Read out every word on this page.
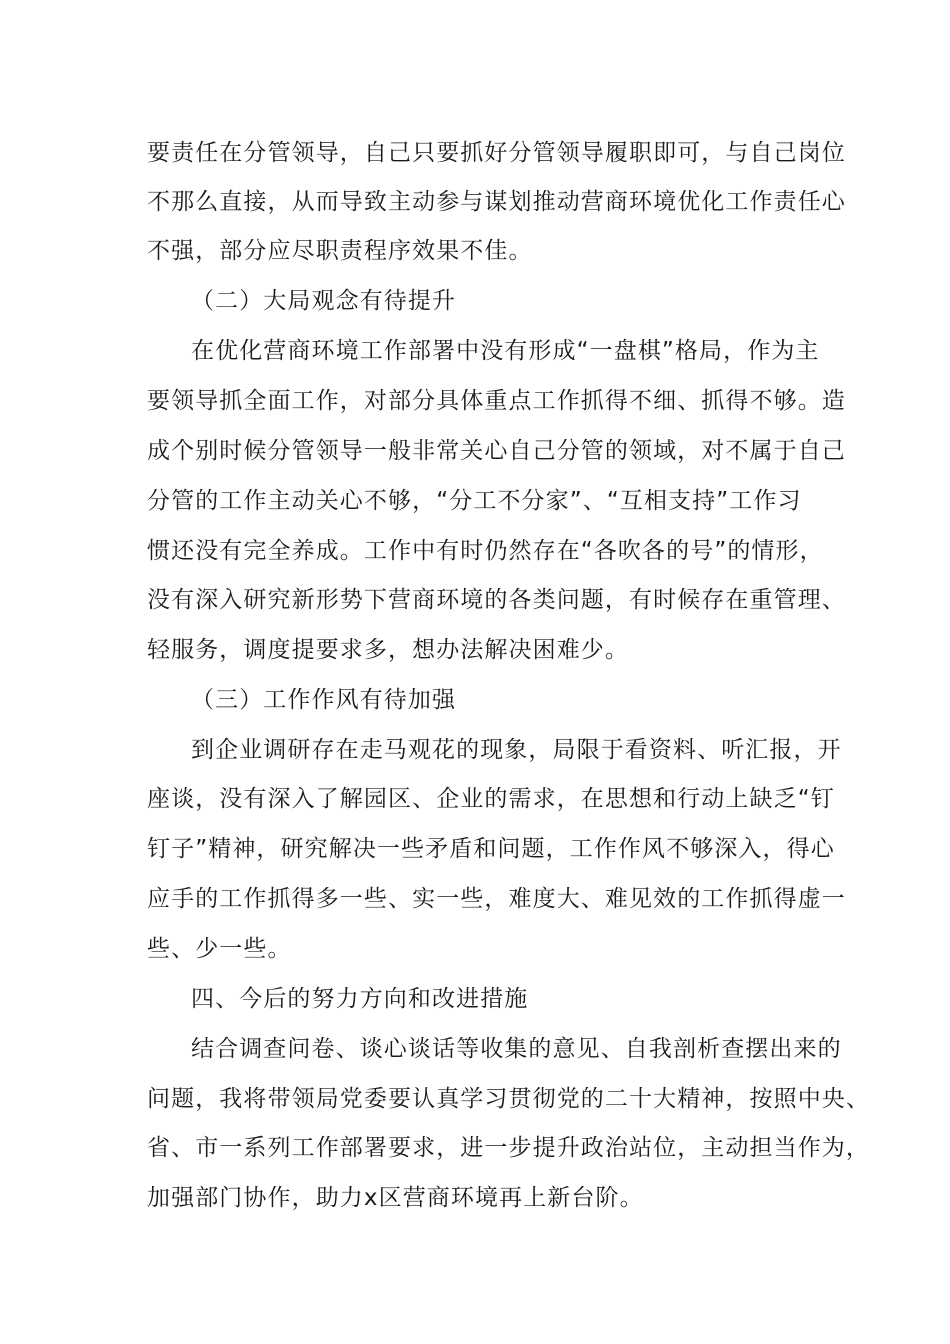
要责任在分管领导，自己只要抓好分管领导履职即可，与自己岗位
不那么直接，从而导致主动参与谋划推动营商环境优化工作责任心
不强，部分应尽职责程序效果不佳。
（二）大局观念有待提升
在优化营商环境工作部署中没有形成“一盘棋”格局，作为主
要领导抓全面工作，对部分具体重点工作抓得不细、抓得不够。造
成个别时候分管领导一般非常关心自己分管的领域，对不属于自己
分管的工作主动关心不够，“分工不分家”、“互相支持”工作习
惯还没有完全养成。工作中有时仍然存在“各吹各的号”的情形，
没有深入研究新形势下营商环境的各类问题，有时候存在重管理、
轻服务，调度提要求多，想办法解决困难少。
（三）工作作风有待加强
到企业调研存在走马观花的现象，局限于看资料、听汇报，开
座谈，没有深入了解园区、企业的需求，在思想和行动上缺乏“钉
钉子”精神，研究解决一些矛盾和问题，工作作风不够深入，得心
应手的工作抓得多一些、实一些，难度大、难见效的工作抓得虚一
些、少一些。
四、今后的努力方向和改进措施
结合调查问卷、谈心谈话等收集的意见、自我剖析查摆出来的
问题，我将带领局党委要认真学习贯彻党的二十大精神，按照中央、
省、市一系列工作部署要求，进一步提升政治站位，主动担当作为，
加强部门协作，助力x区营商环境再上新台阶。
